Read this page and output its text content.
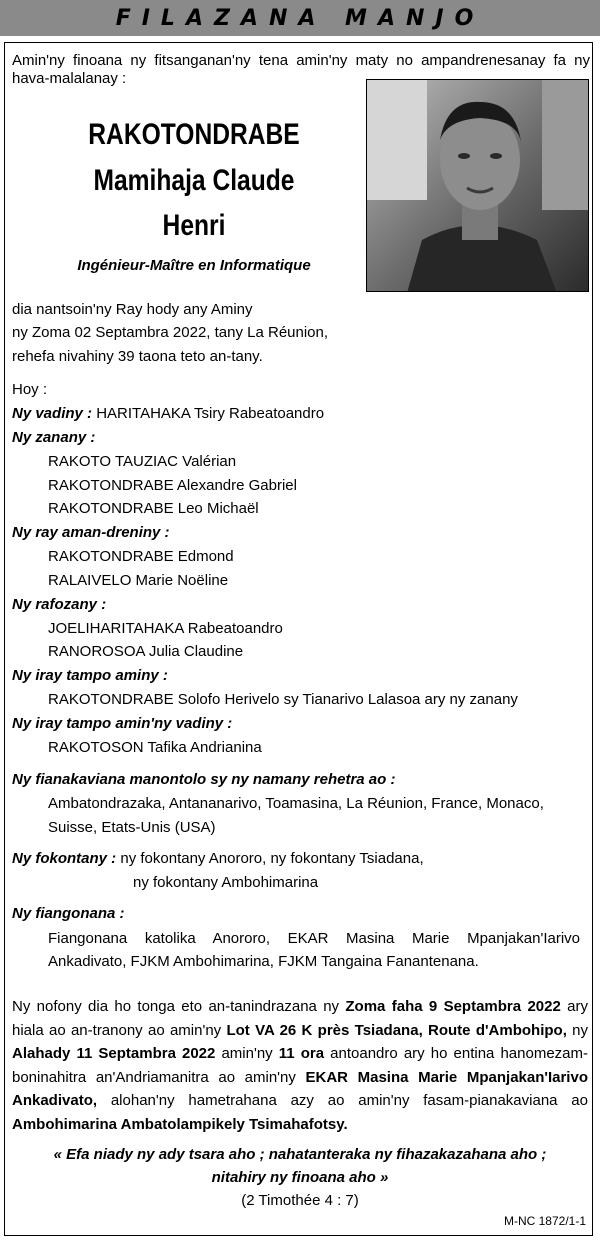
FILAZANA MANJO
Amin'ny finoana ny fitsanganan'ny tena amin'ny maty no ampandrenesanay fa ny hava-malalanay :
RAKOTONDRABE
Mamihaja Claude
Henri
Ingénieur-Maître en Informatique
dia nantsoin'ny Ray hody any Aminy
ny Zoma 02 Septambra 2022, tany La Réunion,
rehefa nivahiny 39 taona teto an-tany.
Hoy :
Ny vadiny : HARITAHAKA Tsiry Rabeatoandro
Ny zanany :
RAKOTO TAUZIAC Valérian
RAKOTONDRABE Alexandre Gabriel
RAKOTONDRABE Leo Michaël
Ny ray aman-dreniny :
RAKOTONDRABE Edmond
RALAIVELO Marie Noëline
Ny rafozany :
JOELIHARITAHAKA Rabeatoandro
RANOROSOA Julia Claudine
Ny iray tampo aminy :
RAKOTONDRABE Solofo Herivelo sy Tianarivo Lalasoa ary ny zanany
Ny iray tampo amin'ny vadiny :
RAKOTOSON Tafika Andrianina
Ny fianakaviana manontolo sy ny namany rehetra ao :
Ambatondrazaka, Antananarivo, Toamasina, La Réunion, France, Monaco,
Suisse, Etats-Unis (USA)
Ny fokontany : ny fokontany Anororo, ny fokontany Tsiadana,
ny fokontany Ambohimarina
Ny fiangonana :
Fiangonana katolika Anororo, EKAR Masina Marie Mpanjakan'Iarivo Ankadivato, FJKM Ambohimarina, FJKM Tangaina Fanantenana.
Ny nofony dia ho tonga eto an-tanindrazana ny Zoma faha 9 Septambra 2022 ary hiala ao an-tranony ao amin'ny Lot VA 26 K près Tsiadana, Route d'Ambohipo, ny Alahady 11 Septambra 2022 amin'ny 11 ora antoandro ary ho entina hanomezam-boninahitra an'Andriamanitra ao amin'ny EKAR Masina Marie Mpanjakan'Iarivo Ankadivato, alohan'ny hametrahana azy ao amin'ny fasam-pianakaviana ao Ambohimarina Ambatolampikely Tsimahafotsy.
« Efa niady ny ady tsara aho ; nahatanteraka ny fihazakazahana aho ;
nitahiry ny finoana aho »
(2 Timothée 4 : 7)
M-NC 1872/1-1
